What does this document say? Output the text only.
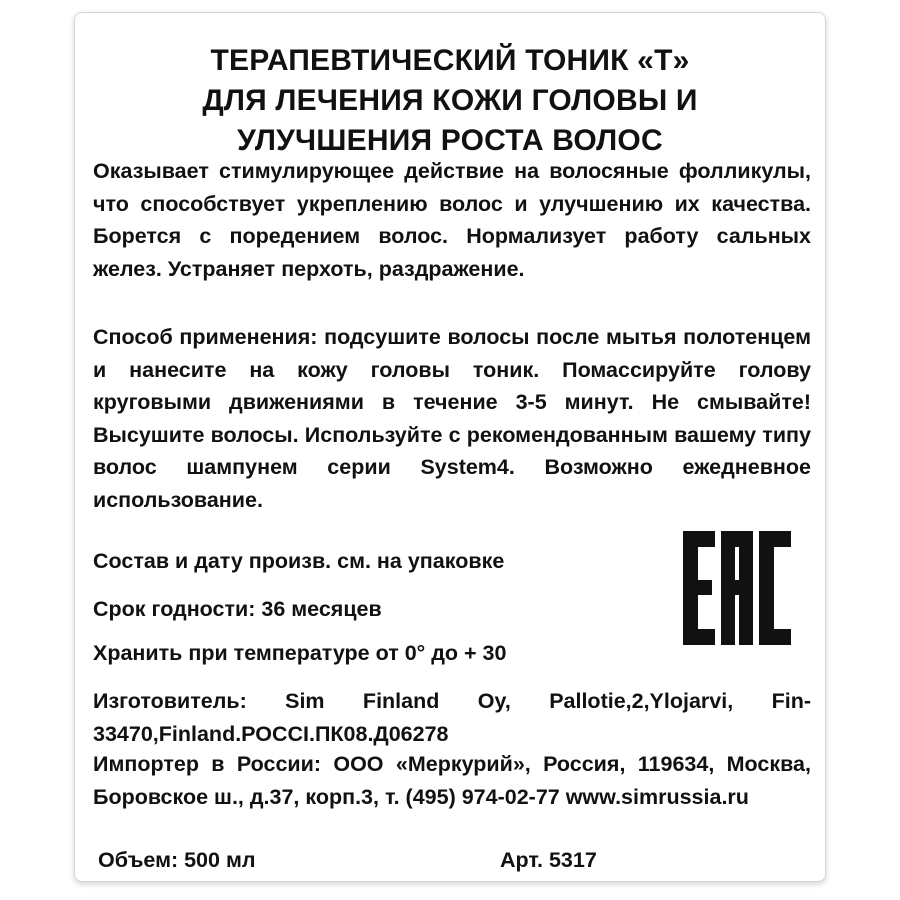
ТЕРАПЕВТИЧЕСКИЙ ТОНИК «Т»
ДЛЯ ЛЕЧЕНИЯ КОЖИ ГОЛОВЫ И
УЛУЧШЕНИЯ РОСТА ВОЛОС
Оказывает стимулирующее действие на волосяные фолликулы, что способствует укреплению волос и улучшению их качества. Борется с поредением волос. Нормализует работу сальных желез. Устраняет перхоть, раздражение.
Способ применения: подсушите волосы после мытья полотенцем и нанесите на кожу головы тоник. Помассируйте голову круговыми движениями в течение 3-5 минут. Не смывайте! Высушите волосы. Используйте с рекомендованным вашему типу волос шампунем серии System4. Возможно ежедневное использование.
Состав и дату произв. см. на упаковке
Срок годности: 36 месяцев
Хранить при температуре от 0° до + 30
Изготовитель: Sim Finland Oy, Pallotie,2,Ylojarvi, Fin-33470,Finland.РОССІ.ПК08.Д06278
Импортер в России: ООО «Меркурий», Россия, 119634, Москва, Боровское ш., д.37, корп.3, т. (495) 974-02-77 www.simrussia.ru
Объем: 500 мл	Арт. 5317
